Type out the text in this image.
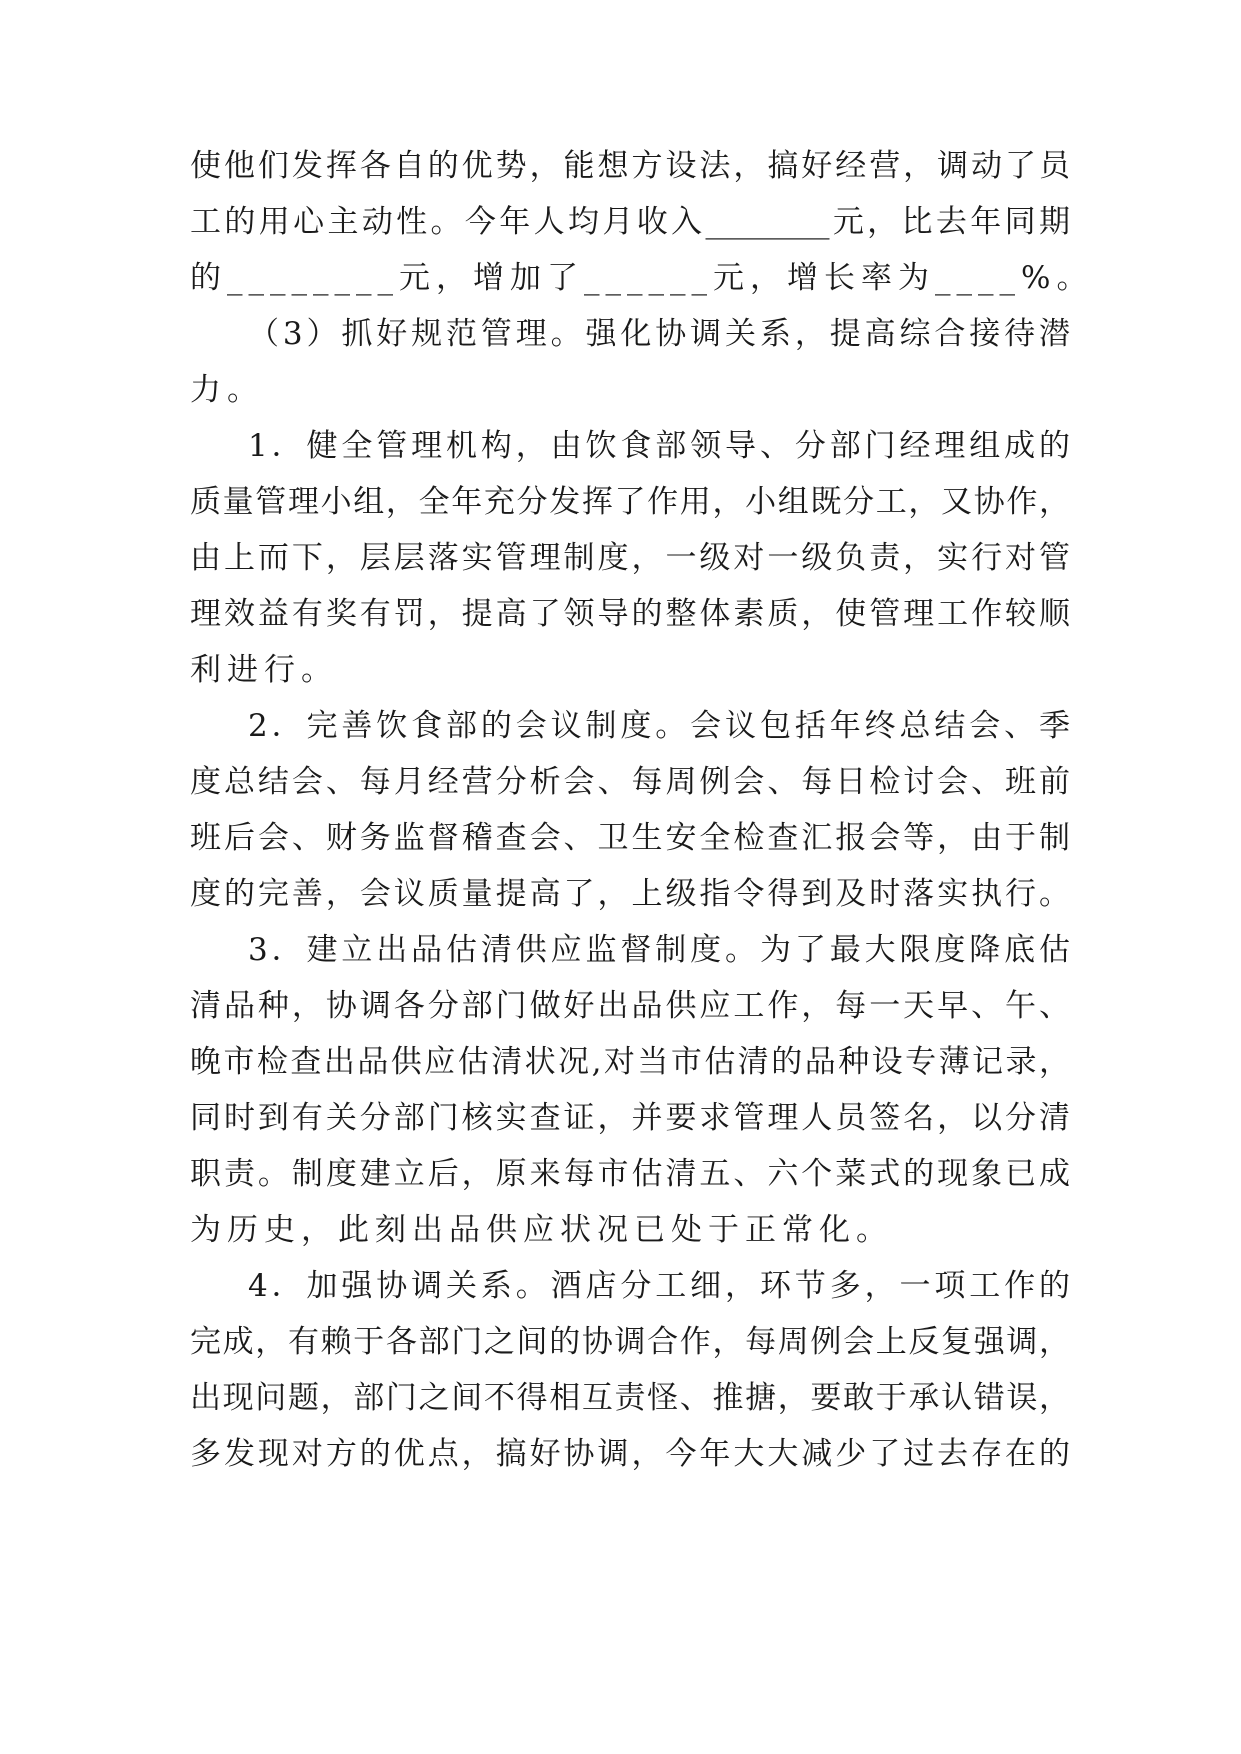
使他们发挥各自的优势，能想方设法，搞好经营，调动了员
工的用心主动性。今年人均月收入________元，比去年同期
的________元，增加了______元，增长率为____%。
（3）抓好规范管理。强化协调关系，提高综合接待潜
力。
1．健全管理机构，由饮食部领导、分部门经理组成的
质量管理小组，全年充分发挥了作用，小组既分工，又协作，
由上而下，层层落实管理制度，一级对一级负责，实行对管
理效益有奖有罚，提高了领导的整体素质，使管理工作较顺
利进行。
2．完善饮食部的会议制度。会议包括年终总结会、季
度总结会、每月经营分析会、每周例会、每日检讨会、班前
班后会、财务监督稽查会、卫生安全检查汇报会等，由于制
度的完善，会议质量提高了，上级指令得到及时落实执行。
3．建立出品估清供应监督制度。为了最大限度降底估
清品种，协调各分部门做好出品供应工作，每一天早、午、
晚市检查出品供应估清状况,对当市估清的品种设专薄记录，
同时到有关分部门核实查证，并要求管理人员签名，以分清
职责。制度建立后，原来每市估清五、六个菜式的现象已成
为历史，此刻出品供应状况已处于正常化。
4．加强协调关系。酒店分工细，环节多，一项工作的
完成，有赖于各部门之间的协调合作，每周例会上反复强调，
出现问题，部门之间不得相互责怪、推搪，要敢于承认错误，
多发现对方的优点，搞好协调，今年大大减少了过去存在的
